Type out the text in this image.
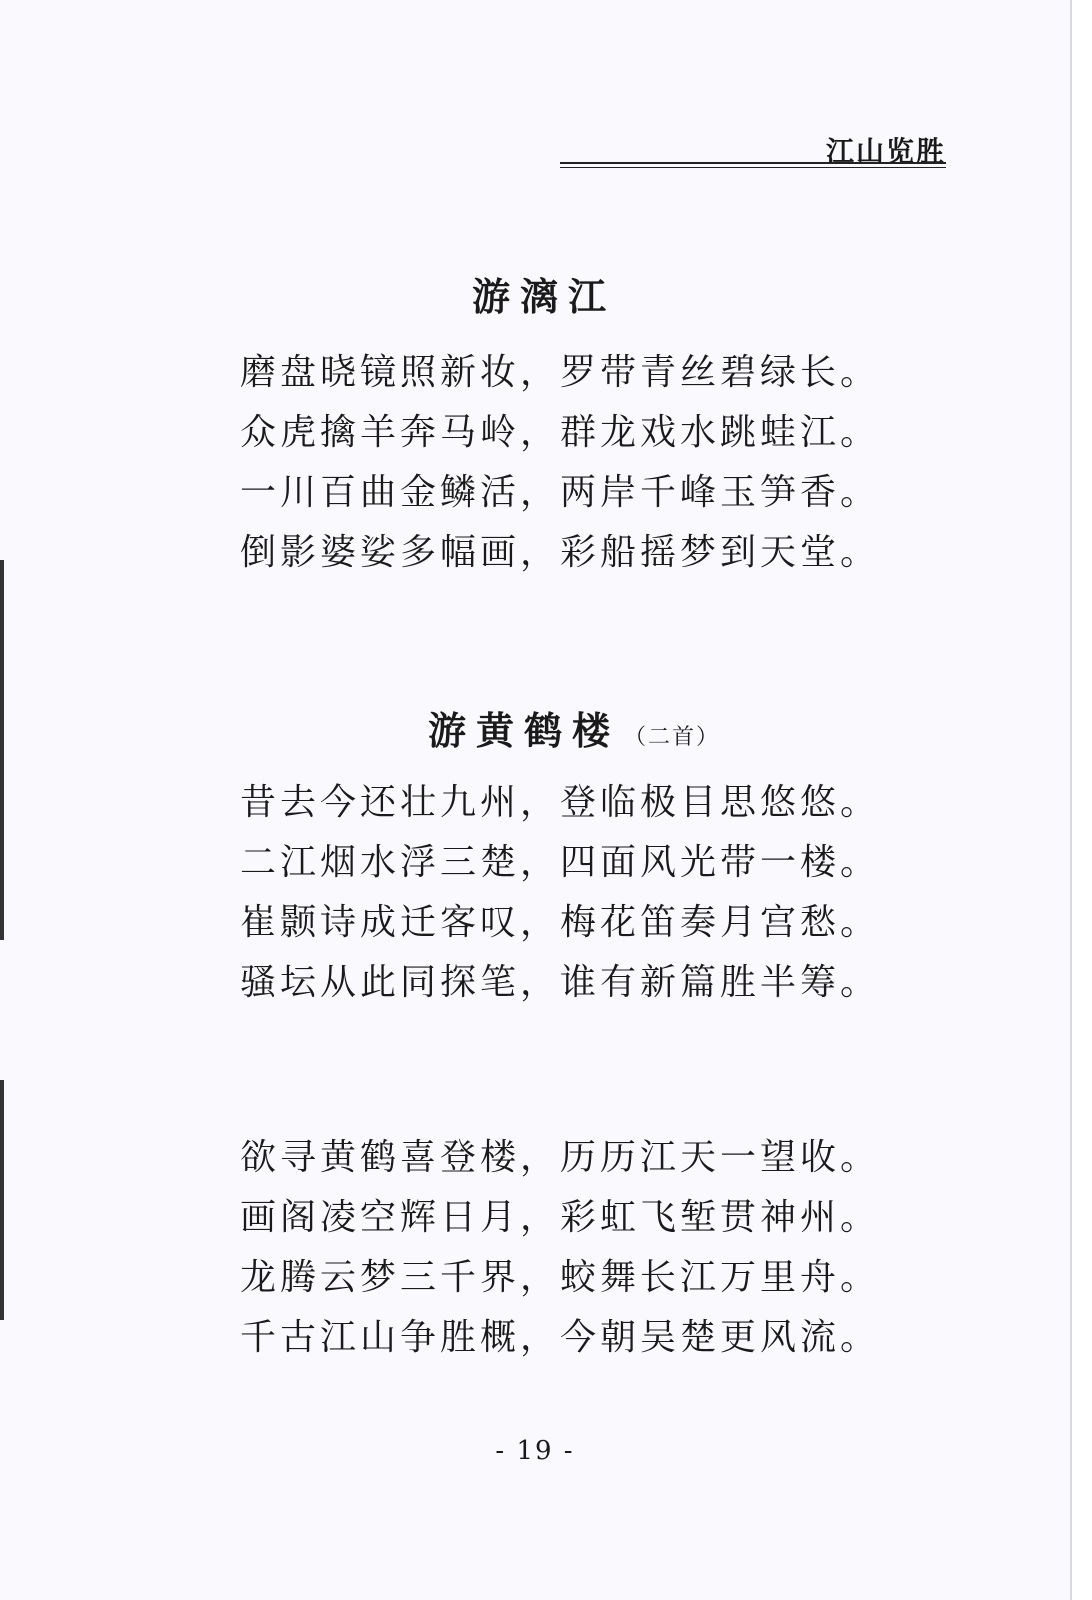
江山览胜
游漓江
磨盘晓镜照新妆，罗带青丝碧绿长。
众虎擒羊奔马岭，群龙戏水跳蛙江。
一川百曲金鳞活，两岸千峰玉笋香。
倒影婆娑多幅画，彩船摇梦到天堂。
游黄鹤楼 （二首）
昔去今还壮九州，登临极目思悠悠。
二江烟水浮三楚，四面风光带一楼。
崔颢诗成迁客叹，梅花笛奏月宫愁。
骚坛从此同探笔，谁有新篇胜半筹。
欲寻黄鹤喜登楼，历历江天一望收。
画阁凌空辉日月，彩虹飞堑贯神州。
龙腾云梦三千界，蛟舞长江万里舟。
千古江山争胜概，今朝吴楚更风流。
- 19 -
